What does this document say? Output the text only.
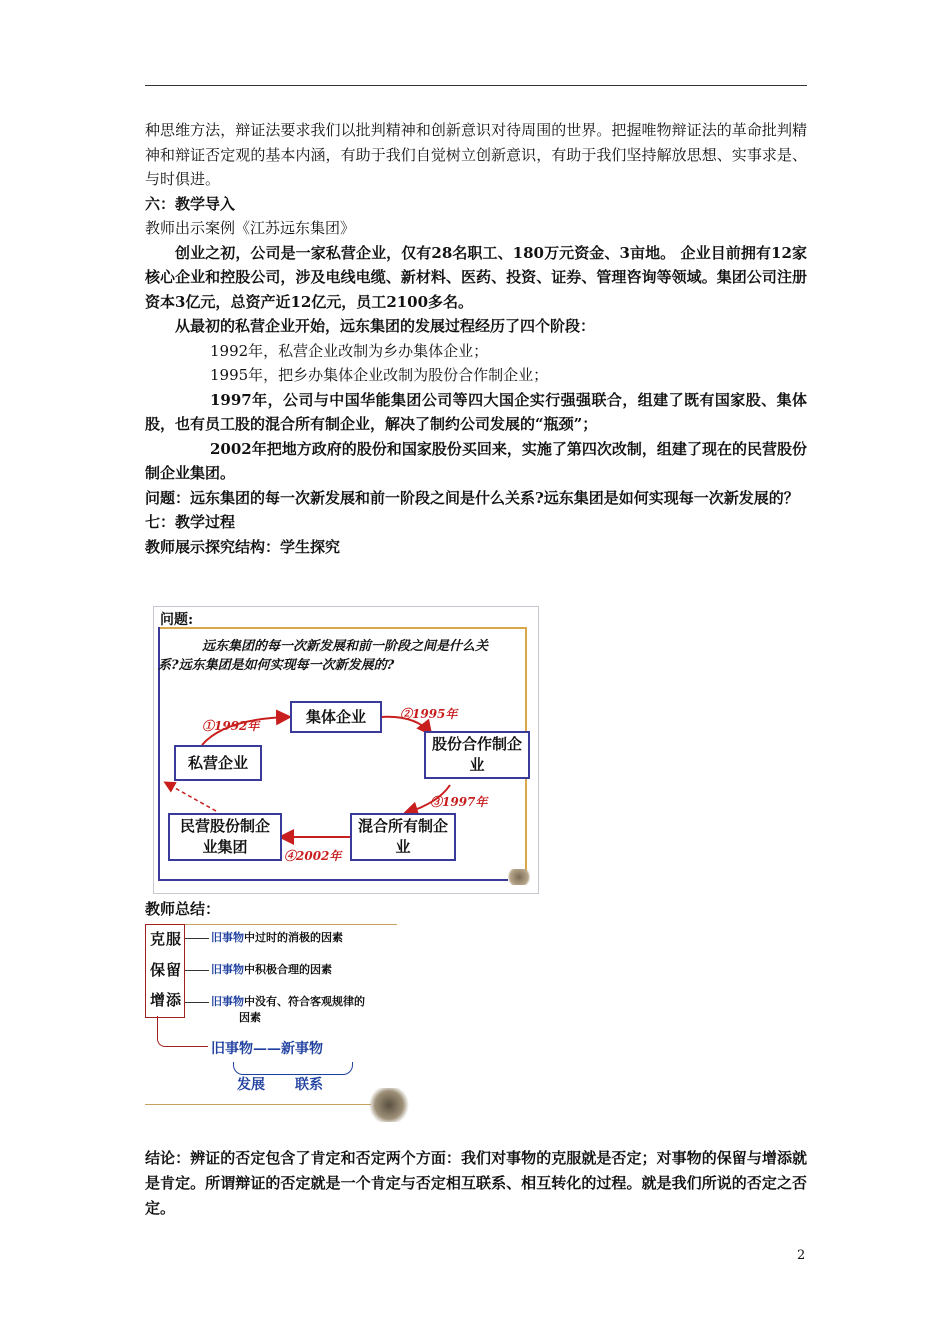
种思维方法，辩证法要求我们以批判精神和创新意识对待周围的世界。把握唯物辩证法的革命批判精神和辩证否定观的基本内涵，有助于我们自觉树立创新意识，有助于我们坚持解放思想、实事求是、与时俱进。

六：教学导入

教师出示案例《江苏远东集团》

创业之初，公司是一家私营企业，仅有28名职工、180万元资金、3亩地。 企业目前拥有12家核心企业和控股公司，涉及电线电缆、新材料、医药、投资、证券、管理咨询等领域。集团公司注册资本3亿元，总资产近12亿元，员工2100多名。

从最初的私营企业开始，远东集团的发展过程经历了四个阶段：

1992年，私营企业改制为乡办集体企业；

1995年，把乡办集体企业改制为股份合作制企业；

1997年，公司与中国华能集团公司等四大国企实行强强联合，组建了既有国家股、集体股，也有员工股的混合所有制企业，解决了制约公司发展的“瓶颈”；

2002年把地方政府的股份和国家股份买回来，实施了第四次改制，组建了现在的民营股份制企业集团。

问题：远东集团的每一次新发展和前一阶段之间是什么关系?远东集团是如何实现每一次新发展的？

七：教学过程

教师展示探究结构：学生探究

问题:
远东集团的每一次新发展和前一阶段之间是什么关系?远东集团是如何实现每一次新发展的?
私营企业
集体企业
股份合作制企业
混合所有制企业
民营股份制企业集团
①1992年
②1995年
③1997年
④2002年
教师总结：
克服
保留
增添
旧事物中过时的消极的因素
旧事物中积极合理的因素
旧事物中没有、符合客观规律的
因素
旧事物——新事物
发展 联系
结论：辨证的否定包含了肯定和否定两个方面：我们对事物的克服就是否定；对事物的保留与增添就是肯定。所谓辩证的否定就是一个肯定与否定相互联系、相互转化的过程。就是我们所说的否定之否定。
2
